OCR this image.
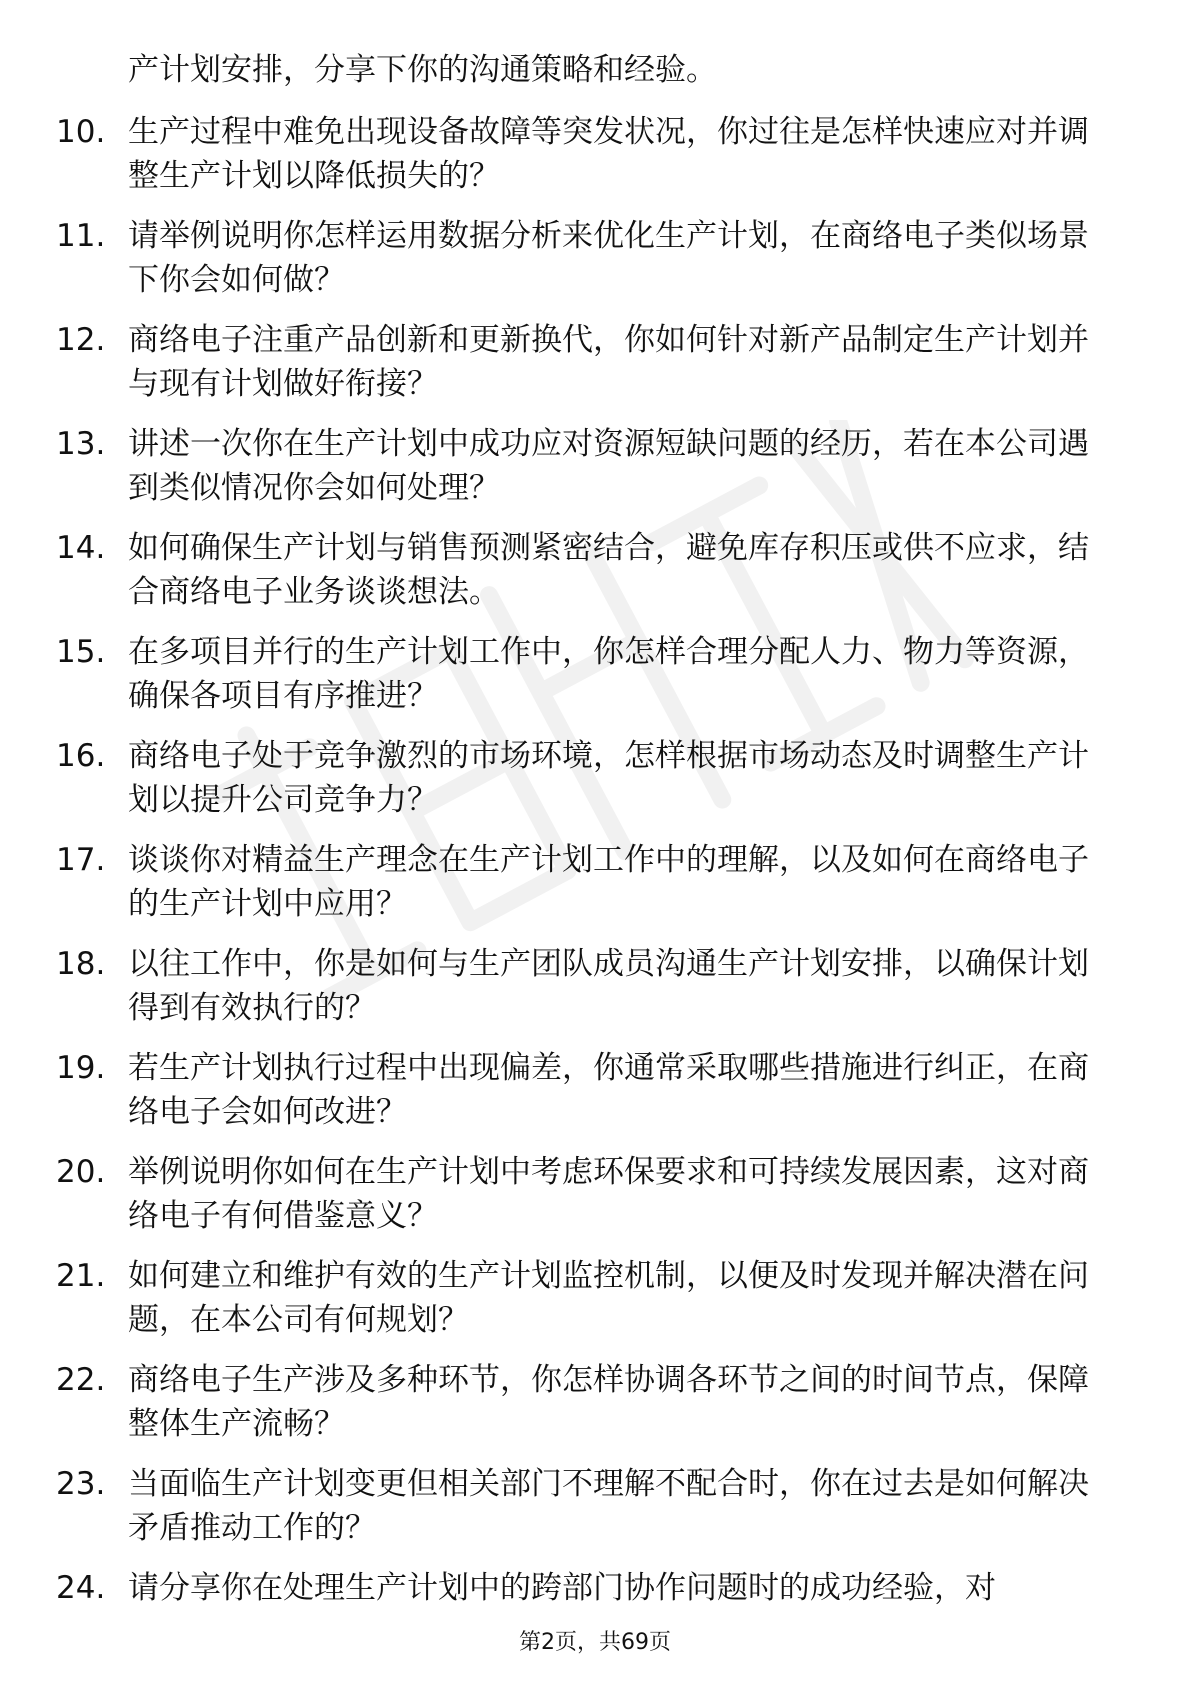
产计划安排，分享下你的沟通策略和经验。
10. 生产过程中难免出现设备故障等突发状况，你过往是怎样快速应对并调整生产计划以降低损失的？
11. 请举例说明你怎样运用数据分析来优化生产计划，在商络电子类似场景下你会如何做？
12. 商络电子注重产品创新和更新换代，你如何针对新产品制定生产计划并与现有计划做好衔接？
13. 讲述一次你在生产计划中成功应对资源短缺问题的经历，若在本公司遇到类似情况你会如何处理？
14. 如何确保生产计划与销售预测紧密结合，避免库存积压或供不应求，结合商络电子业务谈谈想法。
15. 在多项目并行的生产计划工作中，你怎样合理分配人力、物力等资源，确保各项目有序推进？
16. 商络电子处于竞争激烈的市场环境，怎样根据市场动态及时调整生产计划以提升公司竞争力？
17. 谈谈你对精益生产理念在生产计划工作中的理解，以及如何在商络电子的生产计划中应用？
18. 以往工作中，你是如何与生产团队成员沟通生产计划安排，以确保计划得到有效执行的？
19. 若生产计划执行过程中出现偏差，你通常采取哪些措施进行纠正，在商络电子会如何改进？
20. 举例说明你如何在生产计划中考虑环保要求和可持续发展因素，这对商络电子有何借鉴意义？
21. 如何建立和维护有效的生产计划监控机制，以便及时发现并解决潜在问题，在本公司有何规划？
22. 商络电子生产涉及多种环节，你怎样协调各环节之间的时间节点，保障整体生产流畅？
23. 当面临生产计划变更但相关部门不理解不配合时，你在过去是如何解决矛盾推动工作的？
24. 请分享你在处理生产计划中的跨部门协作问题时的成功经验，对
第2页，共69页
